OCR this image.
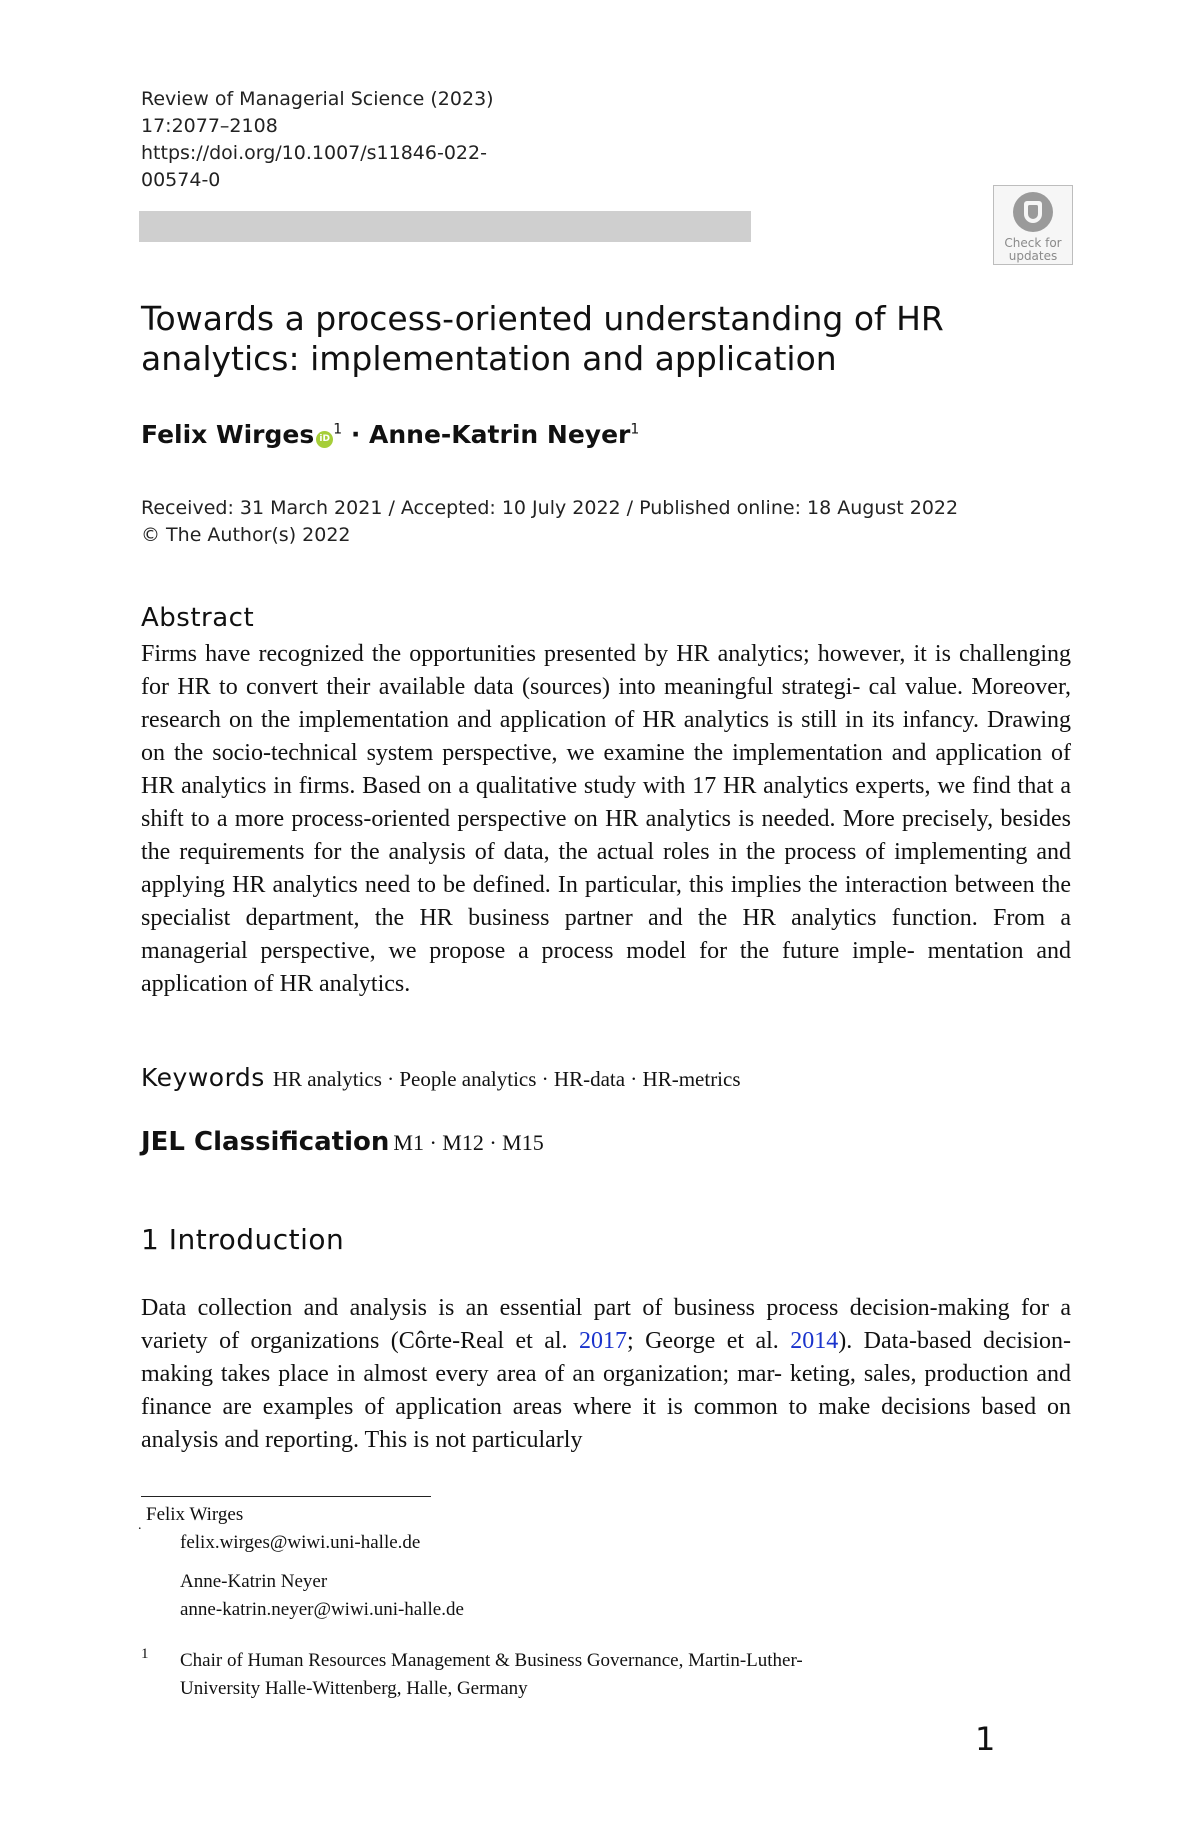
Review of Managerial Science (2023)
17:2077–2108
https://doi.org/10.1007/s11846-022-
00574-0
Check for
updates
Towards a process-oriented understanding of HR
analytics: implementation and application
Felix Wirges $iD^1$ · Anne-Katrin Neyer$^1$
Received: 31 March 2021 / Accepted: 10 July 2022 / Published online: 18 August 2022
© The Author(s) 2022
Abstract

Firms have recognized the opportunities presented by HR analytics; however, it is challenging for HR to convert their available data (sources) into meaningful strategi- cal value. Moreover, research on the implementation and application of HR analytics is still in its infancy. Drawing on the socio-technical system perspective, we examine the implementation and application of HR analytics in firms. Based on a qualitative study with 17 HR analytics experts, we find that a shift to a more process-oriented perspective on HR analytics is needed. More precisely, besides the requirements for the analysis of data, the actual roles in the process of implementing and applying HR analytics need to be defined. In particular, this implies the interaction between the specialist department, the HR business partner and the HR analytics function. From a managerial perspective, we propose a process model for the future imple- mentation and application of HR analytics.

Keywords HR analytics · People analytics · HR-data · HR-metrics
JEL Classification M1 · M12 · M15
1 Introduction

Data collection and analysis is an essential part of business process decision-making for a variety of organizations (Côrte-Real et al. 2017; George et al. 2014). Data-based decision-making takes place in almost every area of an organization; mar- keting, sales, production and finance are examples of application areas where it is common to make decisions based on analysis and reporting. This is not particularly

.
Felix Wirges
felix.wirges@wiwi.uni-halle.de
Anne-Katrin Neyer
anne-katrin.neyer@wiwi.uni-halle.de
1 Chair of Human Resources Management & Business Governance, Martin-Luther-
University Halle-Wittenberg, Halle, Germany
1
